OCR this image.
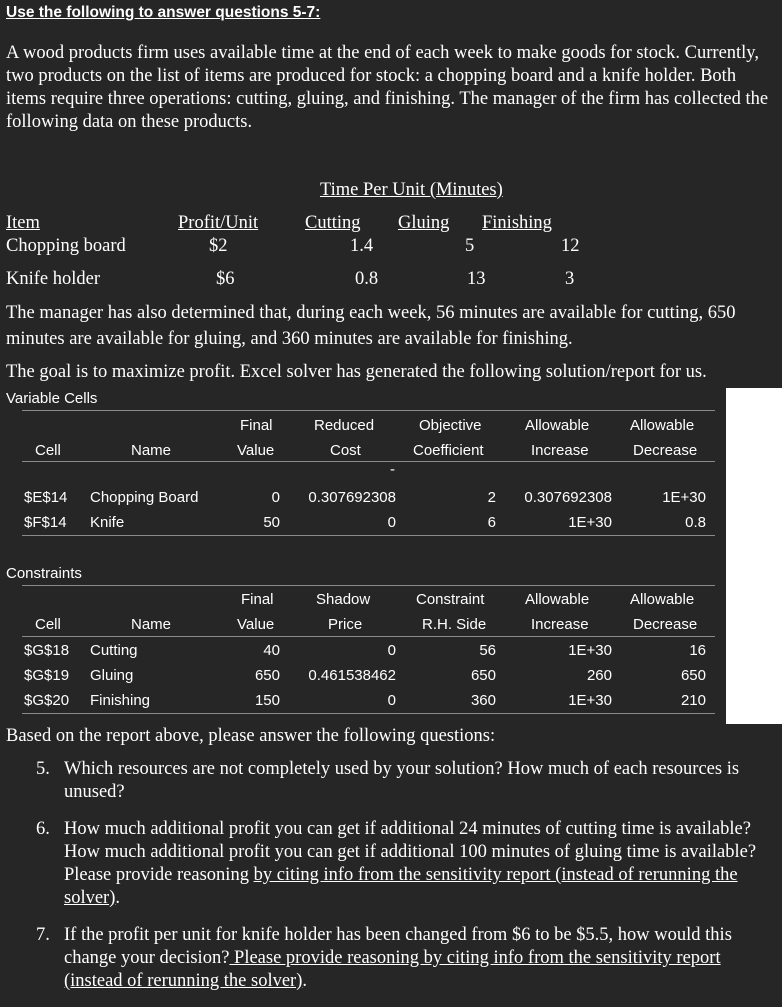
Use the following to answer questions 5-7:
A wood products firm uses available time at the end of each week to make goods for stock. Currently, two products on the list of items are produced for stock: a chopping board and a knife holder. Both items require three operations: cutting, gluing, and finishing. The manager of the firm has collected the following data on these products.
Time Per Unit (Minutes)
Item	Profit/Unit	Cutting Gluing Finishing
Chopping board	$2	1.4	5	12
Knife holder	$6	0.8	13	3
The manager has also determined that, during each week, 56 minutes are available for cutting, 650 minutes are available for gluing, and 360 minutes are available for finishing.
The goal is to maximize profit. Excel solver has generated the following solution/report for us.
Variable Cells
Final	Reduced	Objective	Allowable	Allowable
Cell	Name	Value	Cost	Coefficient	Increase	Decrease
-
$E$14 Chopping Board	0	0.307692308	2	0.307692308	1E+30
$F$14 Knife	50	0	6	1E+30	0.8
Constraints
Final	Shadow	Constraint	Allowable	Allowable
Cell	Name	Value	Price	R.H. Side	Increase	Decrease
$G$18 Cutting	40	0	56	1E+30	16
$G$19 Gluing	650	0.461538462	650	260	650
$G$20 Finishing	150	0	360	1E+30	210
Based on the report above, please answer the following questions:
5. Which resources are not completely used by your solution? How much of each resources is unused?
6. How much additional profit you can get if additional 24 minutes of cutting time is available? How much additional profit you can get if additional 100 minutes of gluing time is available? Please provide reasoning by citing info from the sensitivity report (instead of rerunning the solver).
7. If the profit per unit for knife holder has been changed from $6 to be $5.5, how would this change your decision? Please provide reasoning by citing info from the sensitivity report (instead of rerunning the solver).
